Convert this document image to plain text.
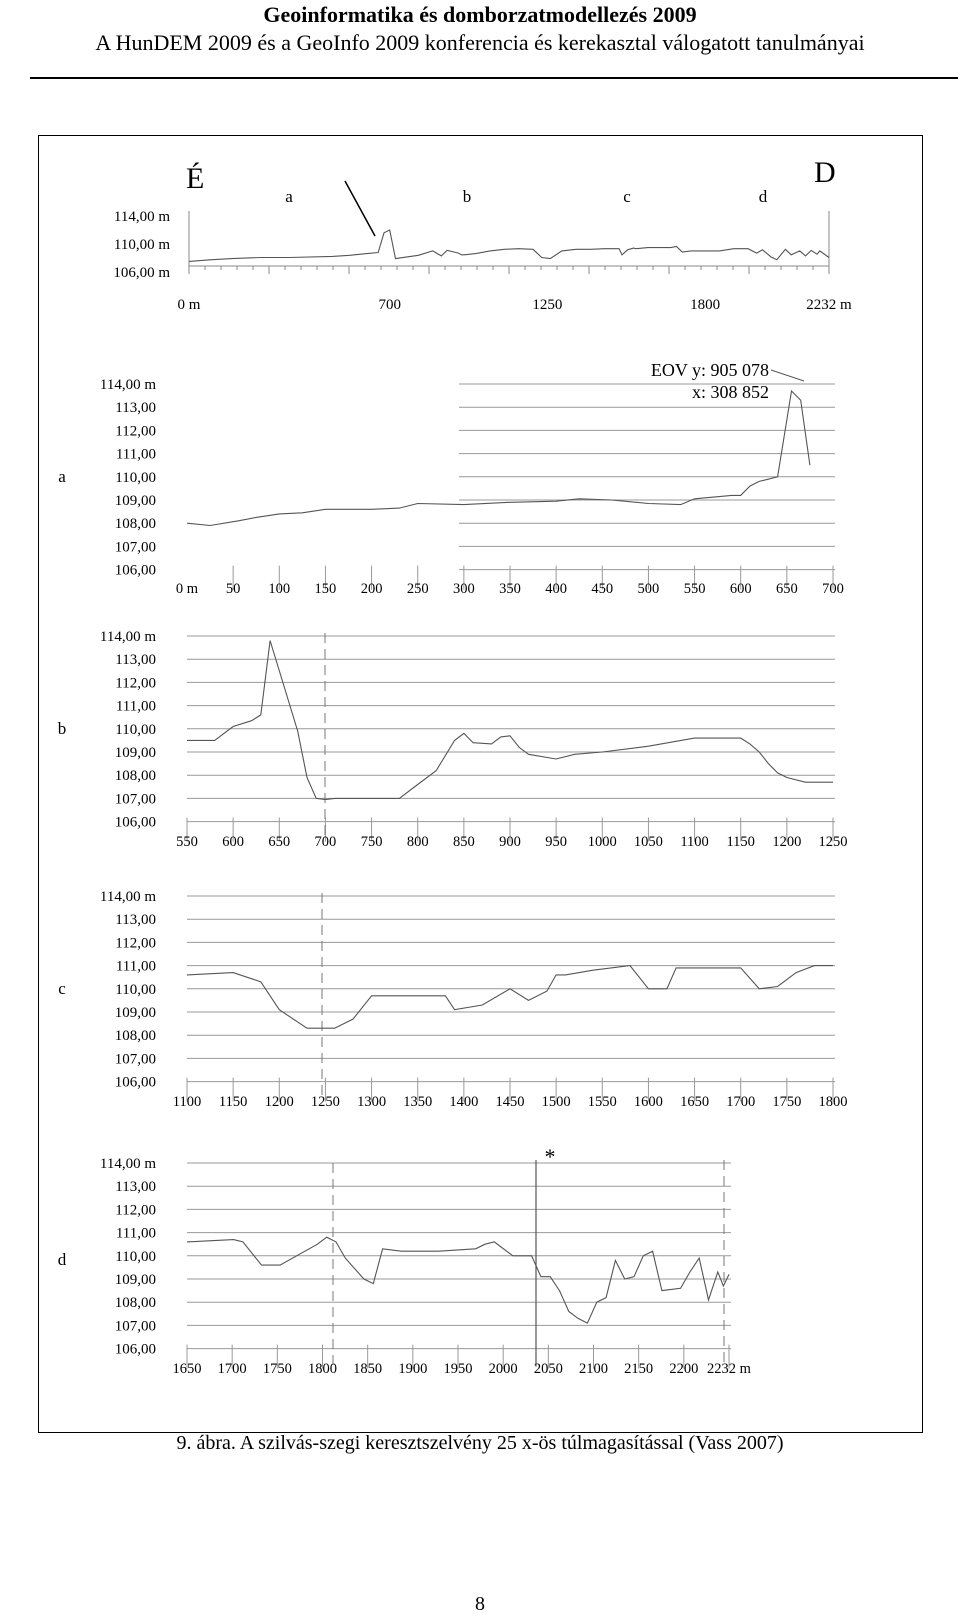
Geoinformatika és domborzatmodellezés 2009
A HunDEM 2009 és a GeoInfo 2009 konferencia és kerekasztal válogatott tanulmányai
É	D
a	b	c	d
114,00 m
110,00 m
106,00 m
0 m	700	1250	1800	2232 m
a
114,00 m
113,00
112,00
111,00
110,00
109,00
108,00
107,00
106,00
0 m 50 100 150 200 250 300 350 400 450 500 550 600 650 700
EOV y: 905 078
x: 308 852
b
114,00 m
113,00
112,00
111,00
110,00
109,00
108,00
107,00
106,00
550 600 650 700 750 800 850 900 950 1000 1050 1100 1150 1200 1250
c
114,00 m
113,00
112,00
111,00
110,00
109,00
108,00
107,00
106,00
1100 1150 1200 1250 1300 1350 1400 1450 1500 1550 1600 1650 1700 1750 1800
d
114,00 m
113,00
112,00
111,00
110,00
109,00
108,00
107,00
106,00
1650 1700 1750 1800 1850 1900 1950 2000 2050 2100 2150 2200 2232 m
*
9. ábra. A szilvás-szegi keresztszelvény 25 x-ös túlmagasítással (Vass 2007)
8
